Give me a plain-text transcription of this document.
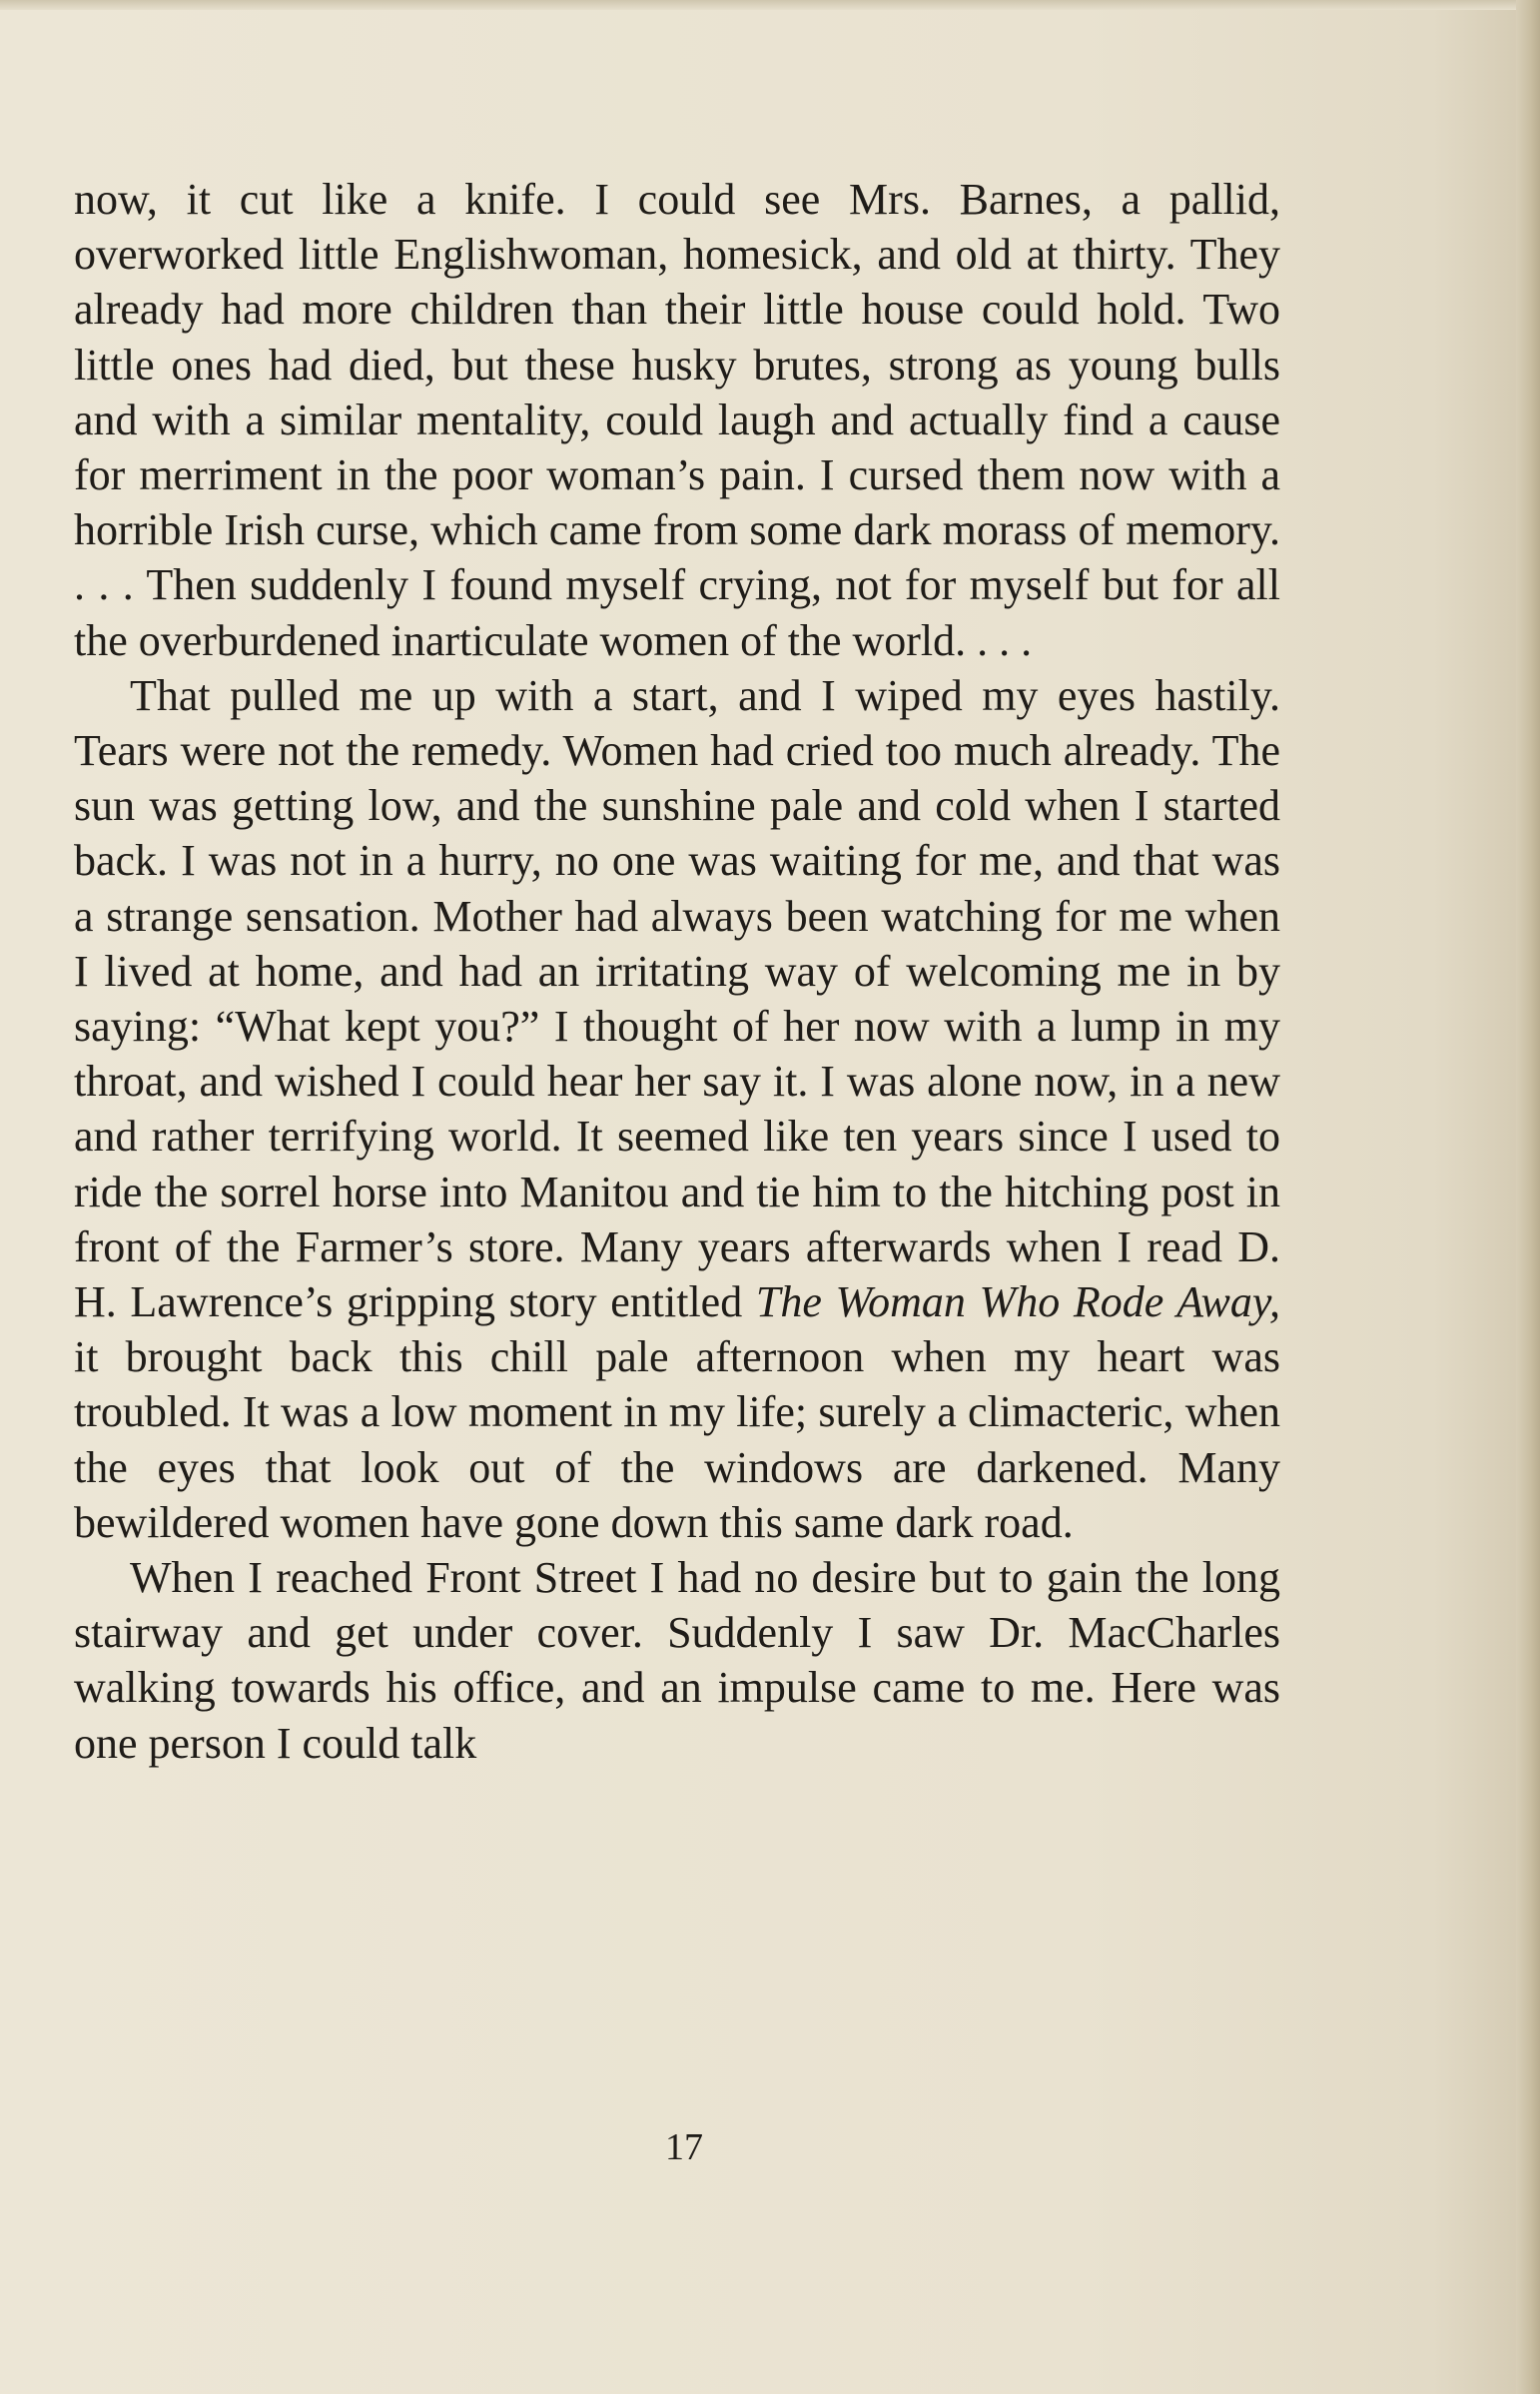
now, it cut like a knife. I could see Mrs. Barnes, a pallid, overworked little Englishwoman, homesick, and old at thirty. They already had more children than their little house could hold. Two little ones had died, but these husky brutes, strong as young bulls and with a similar mentality, could laugh and actually find a cause for merriment in the poor woman’s pain. I cursed them now with a horrible Irish curse, which came from some dark morass of memory. . . . Then suddenly I found myself crying, not for myself but for all the overburdened inarticulate women of the world. . . .

That pulled me up with a start, and I wiped my eyes hastily. Tears were not the remedy. Women had cried too much already. The sun was getting low, and the sunshine pale and cold when I started back. I was not in a hurry, no one was waiting for me, and that was a strange sensation. Mother had always been watching for me when I lived at home, and had an irritating way of welcoming me in by saying: “What kept you?” I thought of her now with a lump in my throat, and wished I could hear her say it. I was alone now, in a new and rather terrifying world. It seemed like ten years since I used to ride the sorrel horse into Manitou and tie him to the hitching post in front of the Farmer’s store. Many years afterwards when I read D. H. Lawrence’s gripping story entitled The Woman Who Rode Away, it brought back this chill pale afternoon when my heart was troubled. It was a low moment in my life; surely a climacteric, when the eyes that look out of the windows are darkened. Many bewildered women have gone down this same dark road.

When I reached Front Street I had no desire but to gain the long stairway and get under cover. Suddenly I saw Dr. MacCharles walking towards his office, and an impulse came to me. Here was one person I could talk

17
